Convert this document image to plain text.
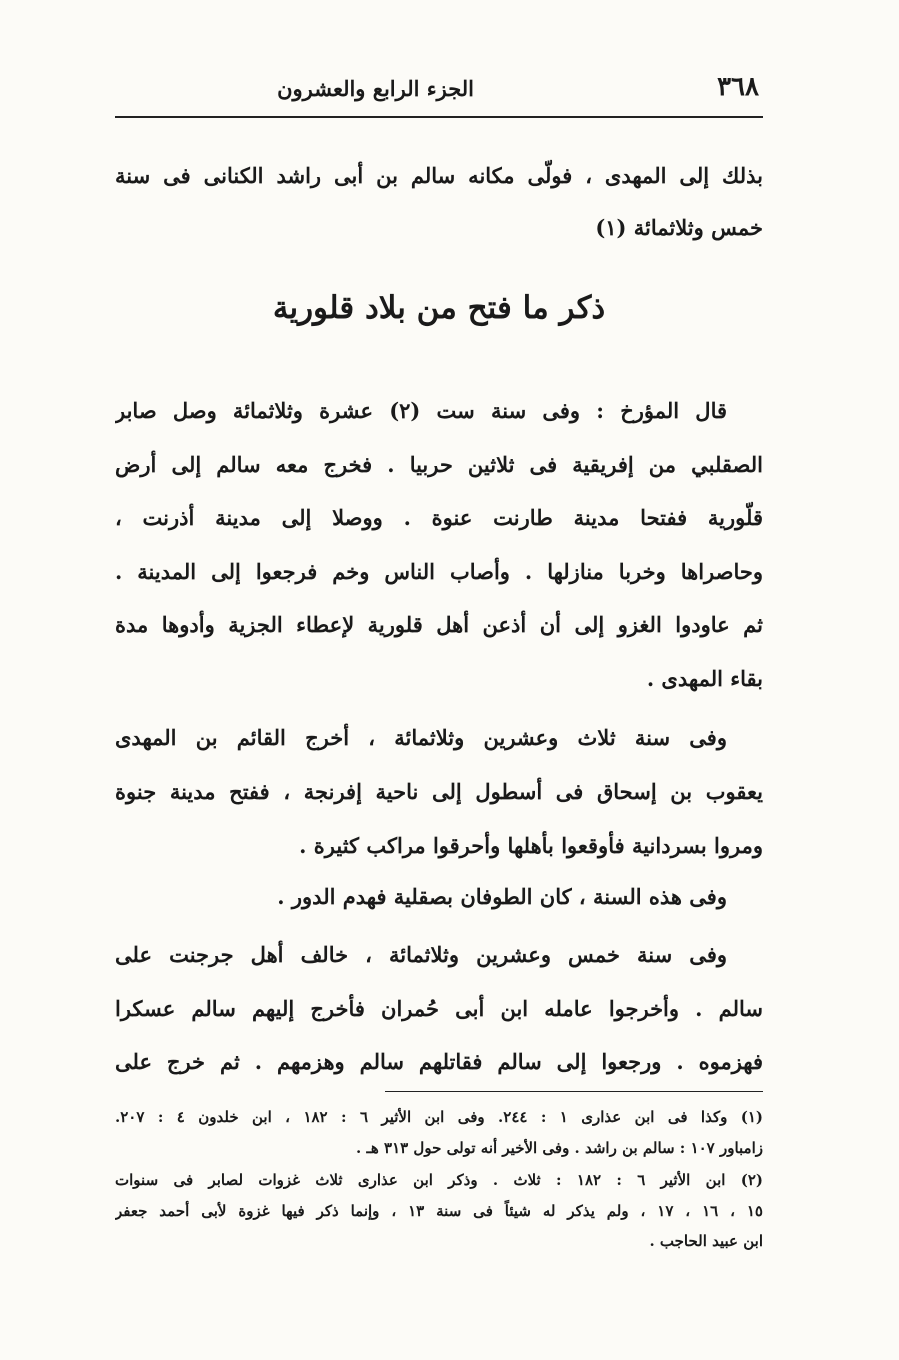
٣٦٨
الجزء الرابع والعشرون
بذلك إلى المهدى ، فولّى مكانه سالم بن أبى راشد الكنانى فى سنة
خمس وثلاثمائة (١)
ذكر ما فتح من بلاد قلورية
قال المؤرخ : وفى سنة ست (٢) عشرة وثلاثمائة وصل صابر
الصقلبي من إفريقية فى ثلاثين حربيا . فخرج معه سالم إلى أرض
قلّورية ففتحا مدينة طارنت عنوة . ووصلا إلى مدينة أذرنت ،
وحاصراها وخربا منازلها . وأصاب الناس وخم فرجعوا إلى المدينة .
ثم عاودوا الغزو إلى أن أذعن أهل قلورية لإعطاء الجزية وأدوها مدة
بقاء المهدى .
وفى سنة ثلاث وعشرين وثلاثمائة ، أخرج القائم بن المهدى
يعقوب بن إسحاق فى أسطول إلى ناحية إفرنجة ، ففتح مدينة جنوة
ومروا بسردانية فأوقعوا بأهلها وأحرقوا مراكب كثيرة .
وفى هذه السنة ، كان الطوفان بصقلية فهدم الدور .
وفى سنة خمس وعشرين وثلاثمائة ، خالف أهل جرجنت على
سالم . وأخرجوا عامله ابن أبى حُمران فأخرج إليهم سالم عسكرا
فهزموه . ورجعوا إلى سالم فقاتلهم سالم وهزمهم . ثم خرج على
(١) وكذا فى ابن عذارى ١ : ٢٤٤. وفى ابن الأثير ٦ : ١٨٢ ، ابن خلدون ٤ : ٢٠٧.
زامباور ١٠٧ : سالم بن راشد . وفى الأخير أنه تولى حول ٣١٣ هـ .
(٢) ابن الأثير ٦ : ١٨٢ : ثلاث . وذكر ابن عذارى ثلاث غزوات لصابر فى سنوات
١٥ ، ١٦ ، ١٧ ، ولم يذكر له شيئاً فى سنة ١٣ ، وإنما ذكر فيها غزوة لأبى أحمد جعفر
ابن عبيد الحاجب .
